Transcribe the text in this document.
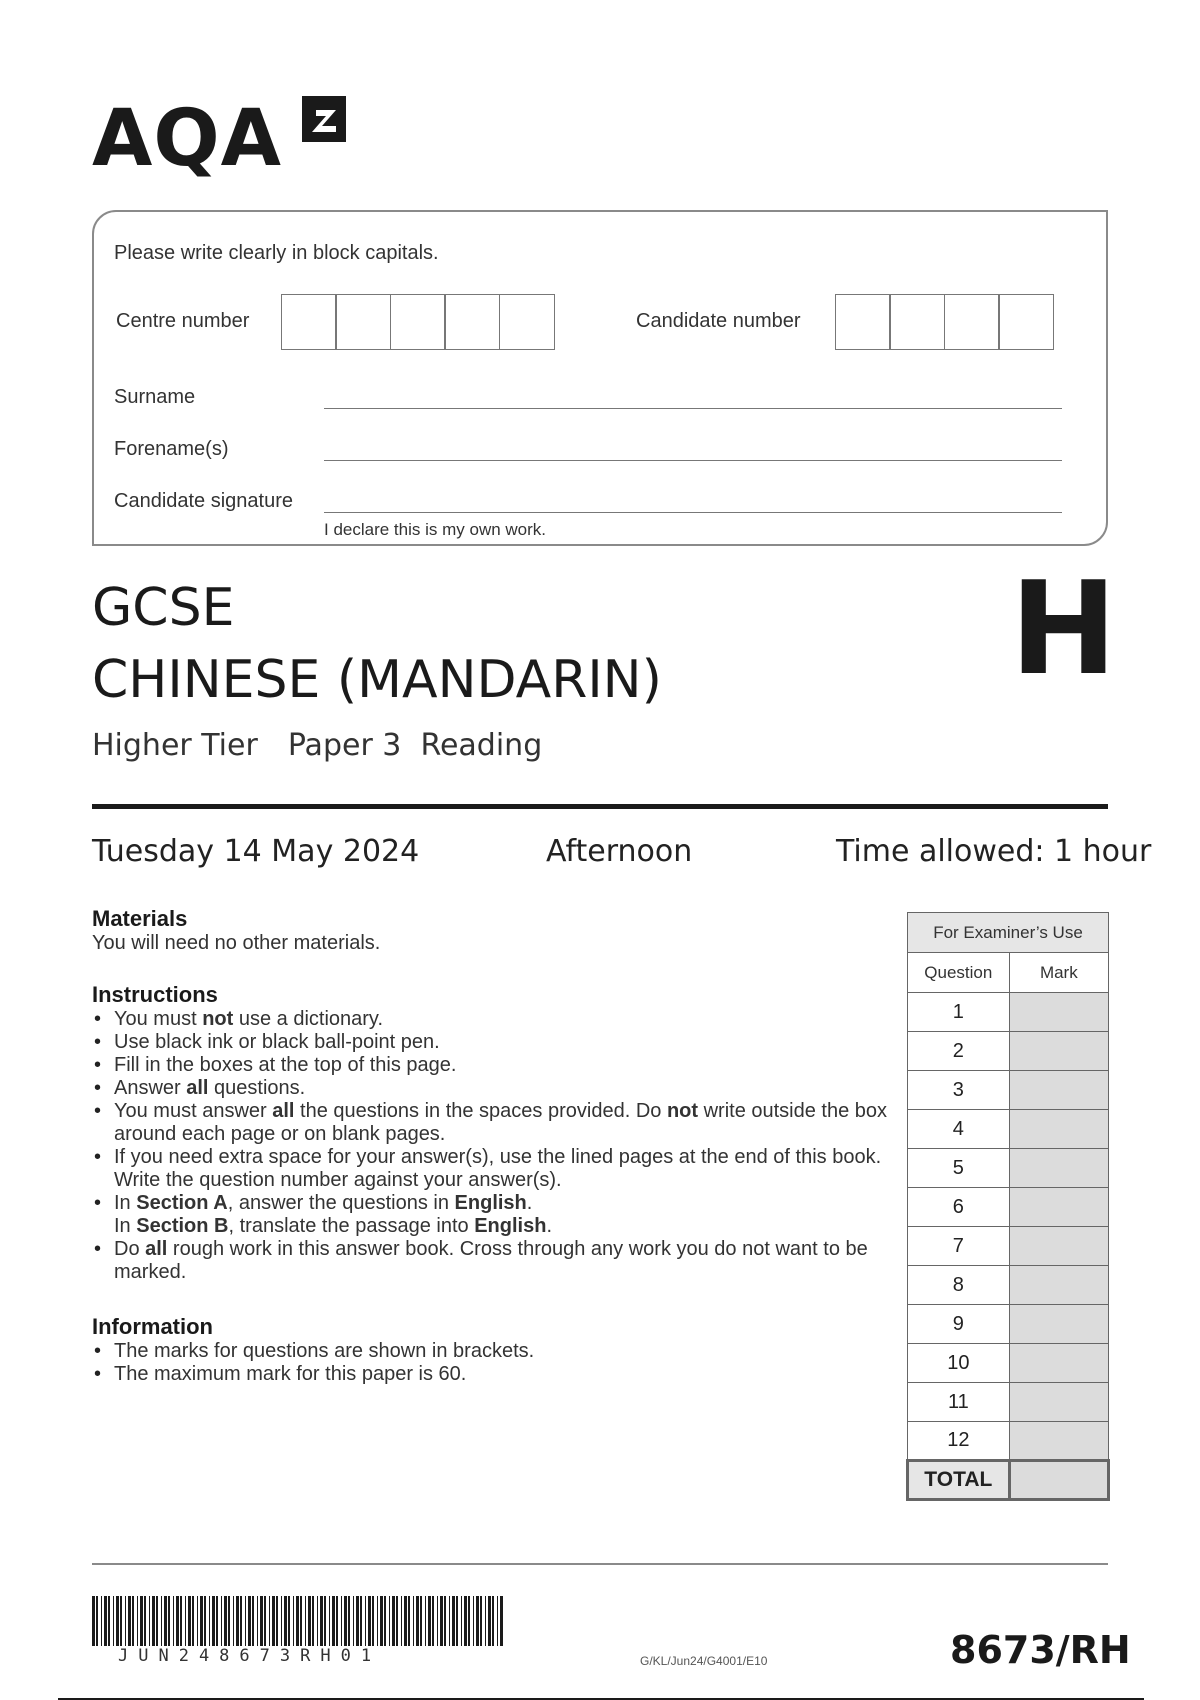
AQA
Please write clearly in block capitals.
Centre number	Candidate number
Surname
Forename(s)
Candidate signature
I declare this is my own work.
GCSE
CHINESE (MANDARIN)
Higher Tier Paper 3  Reading
H
Tuesday 14 May 2024	Afternoon	Time allowed: 1 hour
Materials
You will need no other materials.
Instructions
• You must not use a dictionary.
• Use black ink or black ball-point pen.
• Fill in the boxes at the top of this page.
• Answer all questions.
• You must answer all the questions in the spaces provided. Do not write outside the box around each page or on blank pages.
• If you need extra space for your answer(s), use the lined pages at the end of this book. Write the question number against your answer(s).
• In Section A, answer the questions in English.
In Section B, translate the passage into English.
• Do all rough work in this answer book. Cross through any work you do not want to be marked.
Information
• The marks for questions are shown in brackets.
• The maximum mark for this paper is 60.
For Examiner’s Use	
Question	Mark
1	
2	
3	
4	
5	
6	
7	
8	
9	
10	
11	
12	
TOTAL	
JUN248673RH01	G/KL/Jun24/G4001/E10	8673/RH
